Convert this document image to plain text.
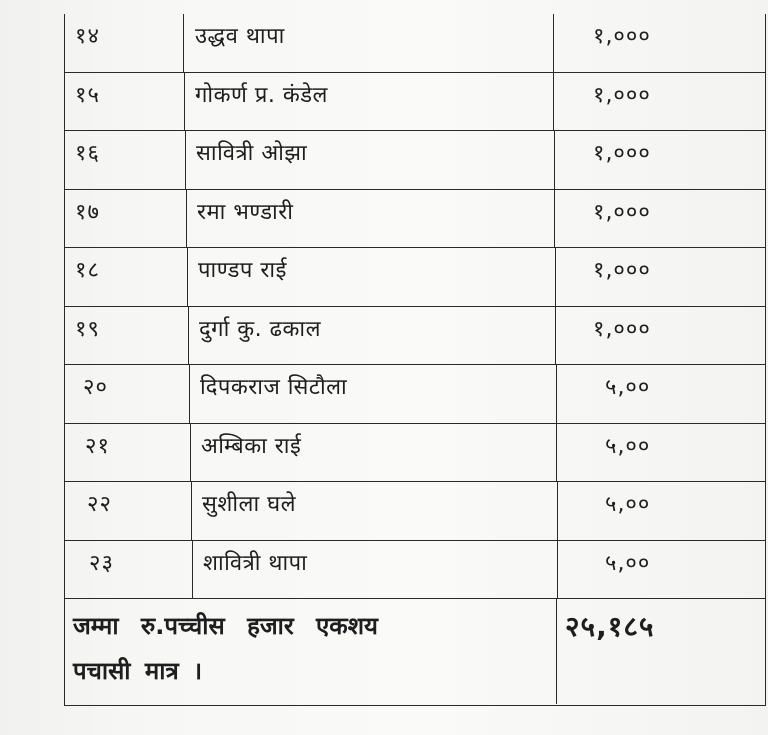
१४	उद्धव थापा	१,०००
१५	गोकर्ण प्र. कंडेल	१,०००
१६	सावित्री ओझा	१,०००
१७	रमा भण्डारी	१,०००
१८	पाण्डप राई	१,०००
१९	दुर्गा कु. ढकाल	१,०००
२०	दिपकराज सिटौला	५,००
२१	अम्बिका राई	५,००
२२	सुशीला घले	५,००
२३	शावित्री थापा	५,००
जम्मा रु.पच्चीस हजार एकशय
पचासी मात्र ।
२५,१८५
